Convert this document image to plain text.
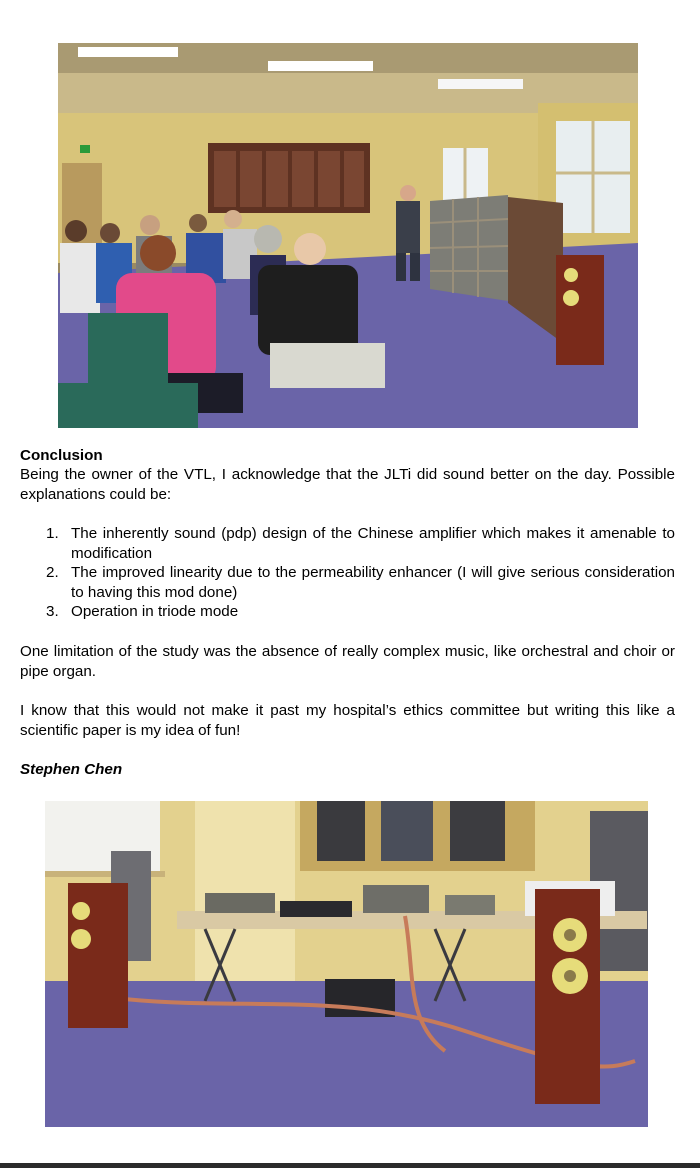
Conclusion
Being the owner of the VTL, I acknowledge that the JLTi did sound better on the day. Possible explanations could be:
1. The inherently sound (pdp) design of the Chinese amplifier which makes it amenable to modification
2. The improved linearity due to the permeability enhancer (I will give serious consideration to having this mod done)
3. Operation in triode mode
One limitation of the study was the absence of really complex music, like orchestral and choir or pipe organ.
I know that this would not make it past my hospital’s ethics committee but writing this like a scientific paper is my idea of fun!
Stephen Chen
